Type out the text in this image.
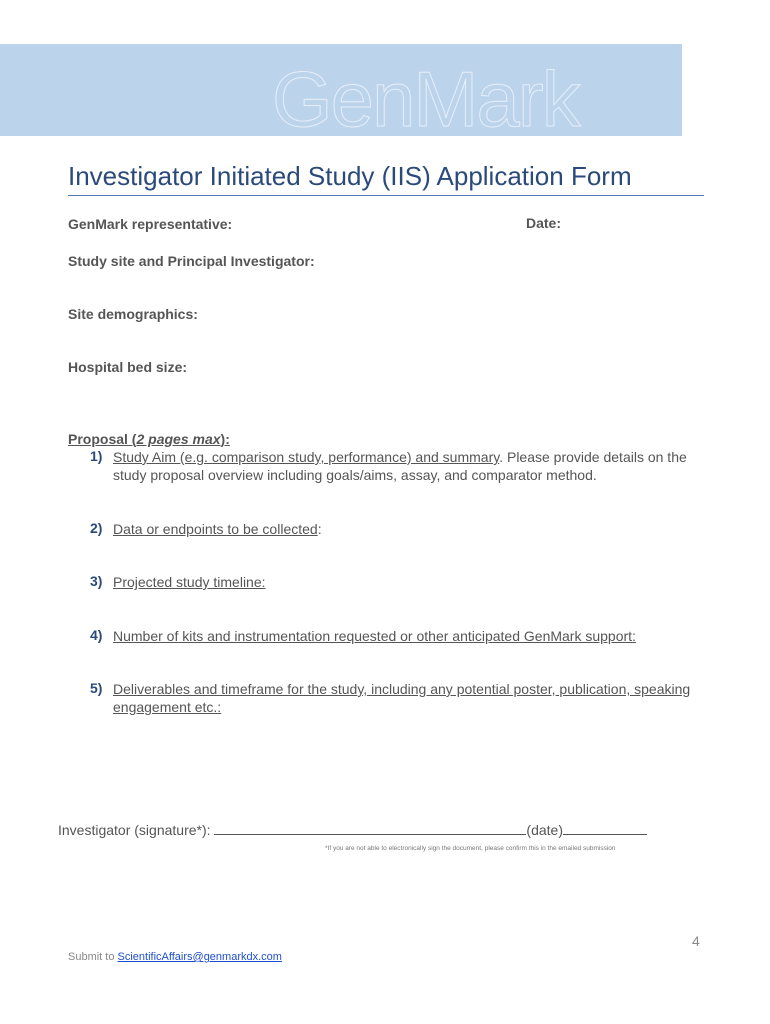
GenMark
Investigator Initiated Study (IIS) Application Form
GenMark representative:	Date:
Study site and Principal Investigator:
Site demographics:
Hospital bed size:
Proposal (2 pages max):
1) Study Aim (e.g. comparison study, performance) and summary. Please provide details on the study proposal overview including goals/aims, assay, and comparator method.
2) Data or endpoints to be collected:
3) Projected study timeline:
4) Number of kits and instrumentation requested or other anticipated GenMark support:
5) Deliverables and timeframe for the study, including any potential poster, publication, speaking engagement etc.:
Investigator (signature*):	(date)
*If you are not able to electronically sign the document, please confirm this in the emailed submission
4
Submit to ScientificAffairs@genmarkdx.com
